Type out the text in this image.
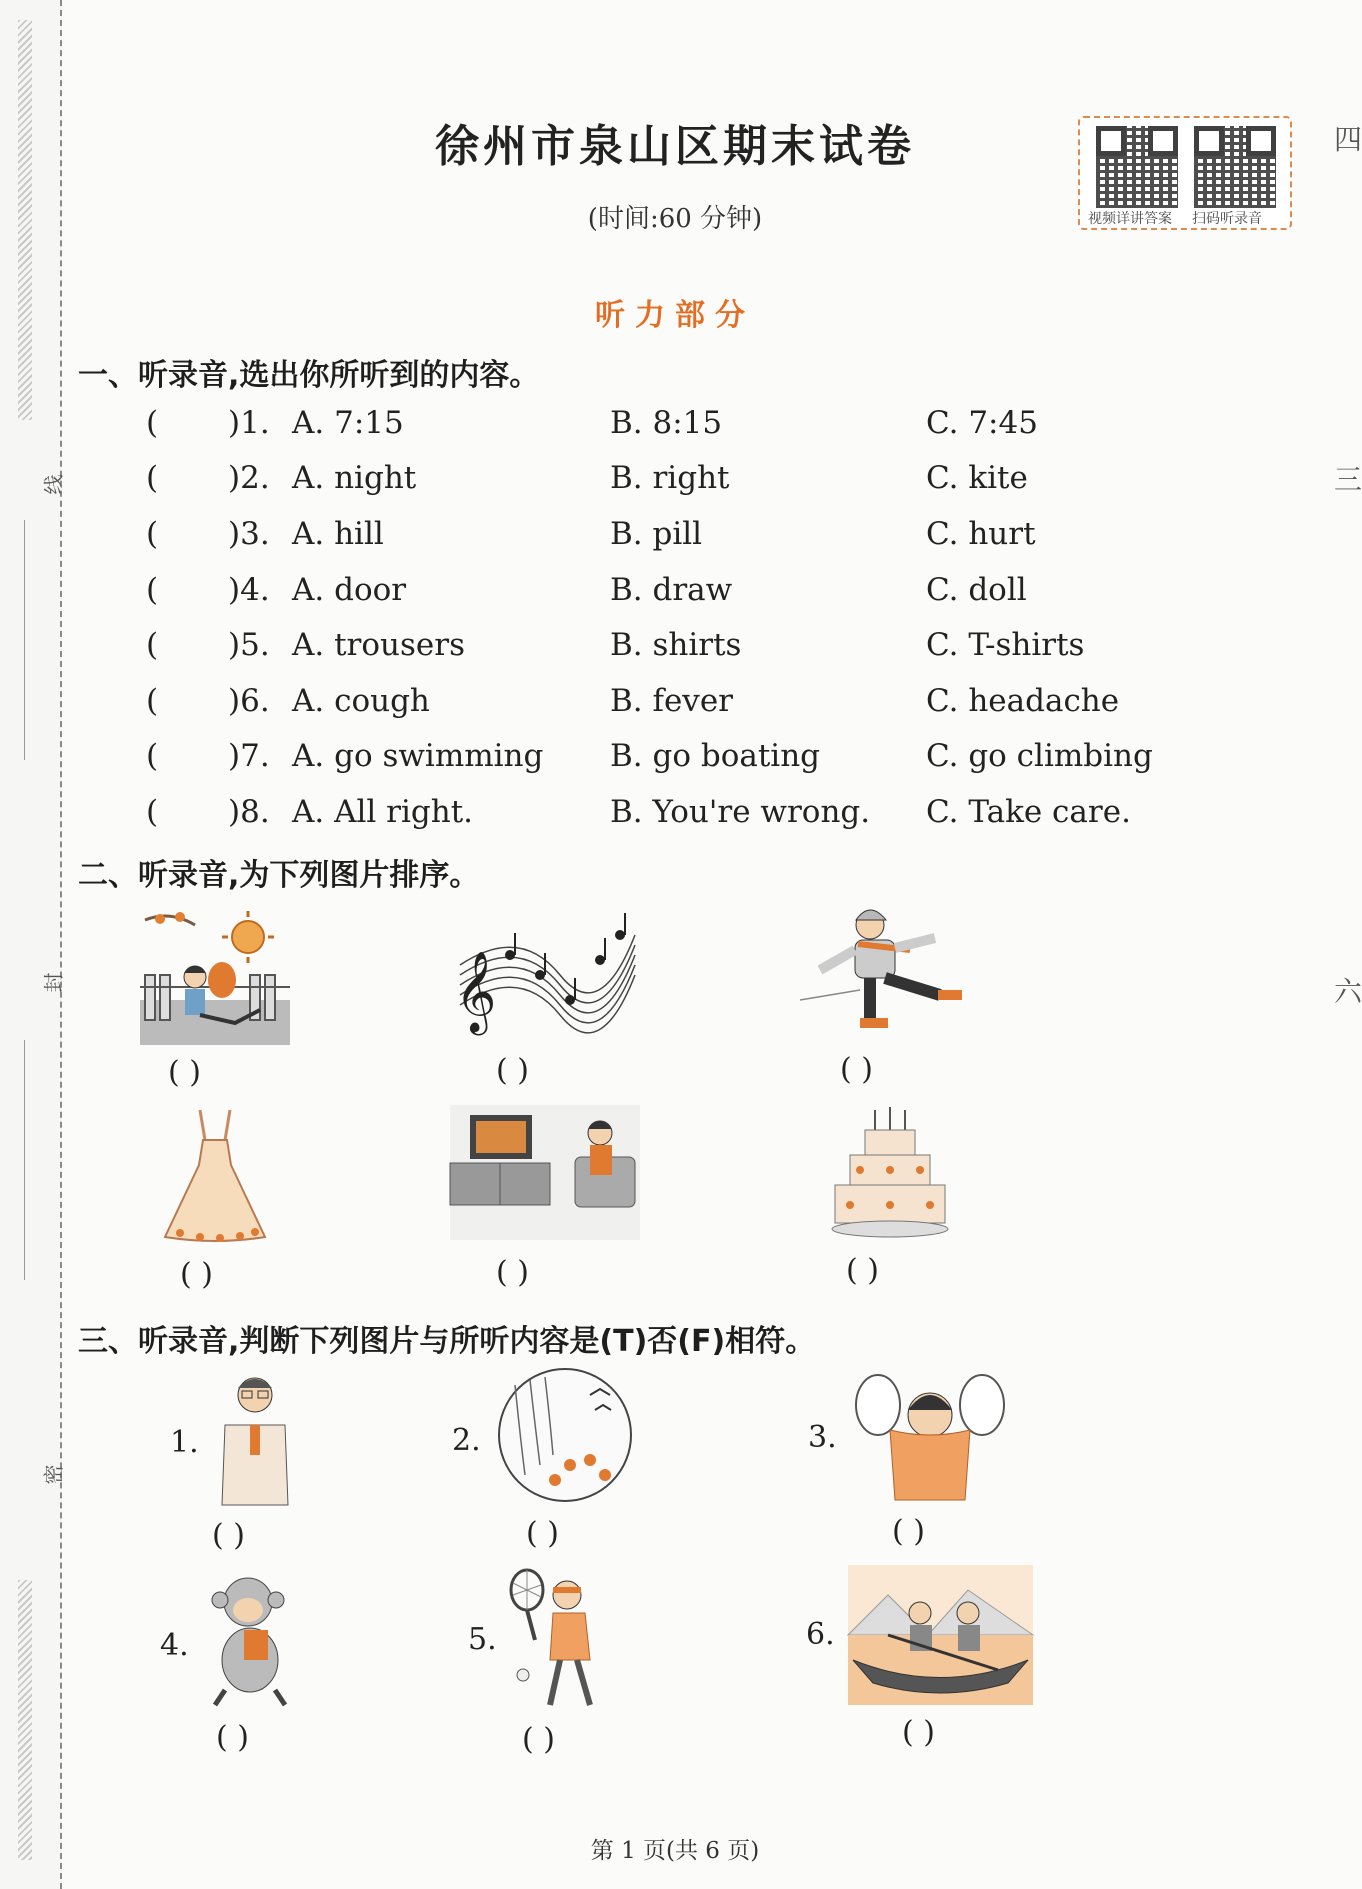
线
封
密
徐州市泉山区期末试卷
(时间:60 分钟)	视频详讲答案 扫码听录音
听力部分
一、听录音,选出你所听到的内容。
( )1. A. 7:15	B. 8:15	C. 7:45
( )2. A. night	B. right	C. kite
( )3. A. hill	B. pill	C. hurt
( )4. A. door	B. draw	C. doll
( )5. A. trousers	B. shirts	C. T-shirts
( )6. A. cough	B. fever	C. headache
( )7. A. go swimming B. go boating	C. go climbing
( )8. A. All right.	B. You're wrong. C. Take care.
二、听录音,为下列图片排序。
( )
𝄞
( )	( )
( )	( )	( )
三、听录音,判断下列图片与所听内容是(T)否(F)相符。
1.
( )
2.
( )
3.
( )
4.
( )
5.
( )
6.
( )
第 1 页(共 6 页)
四
三
六
